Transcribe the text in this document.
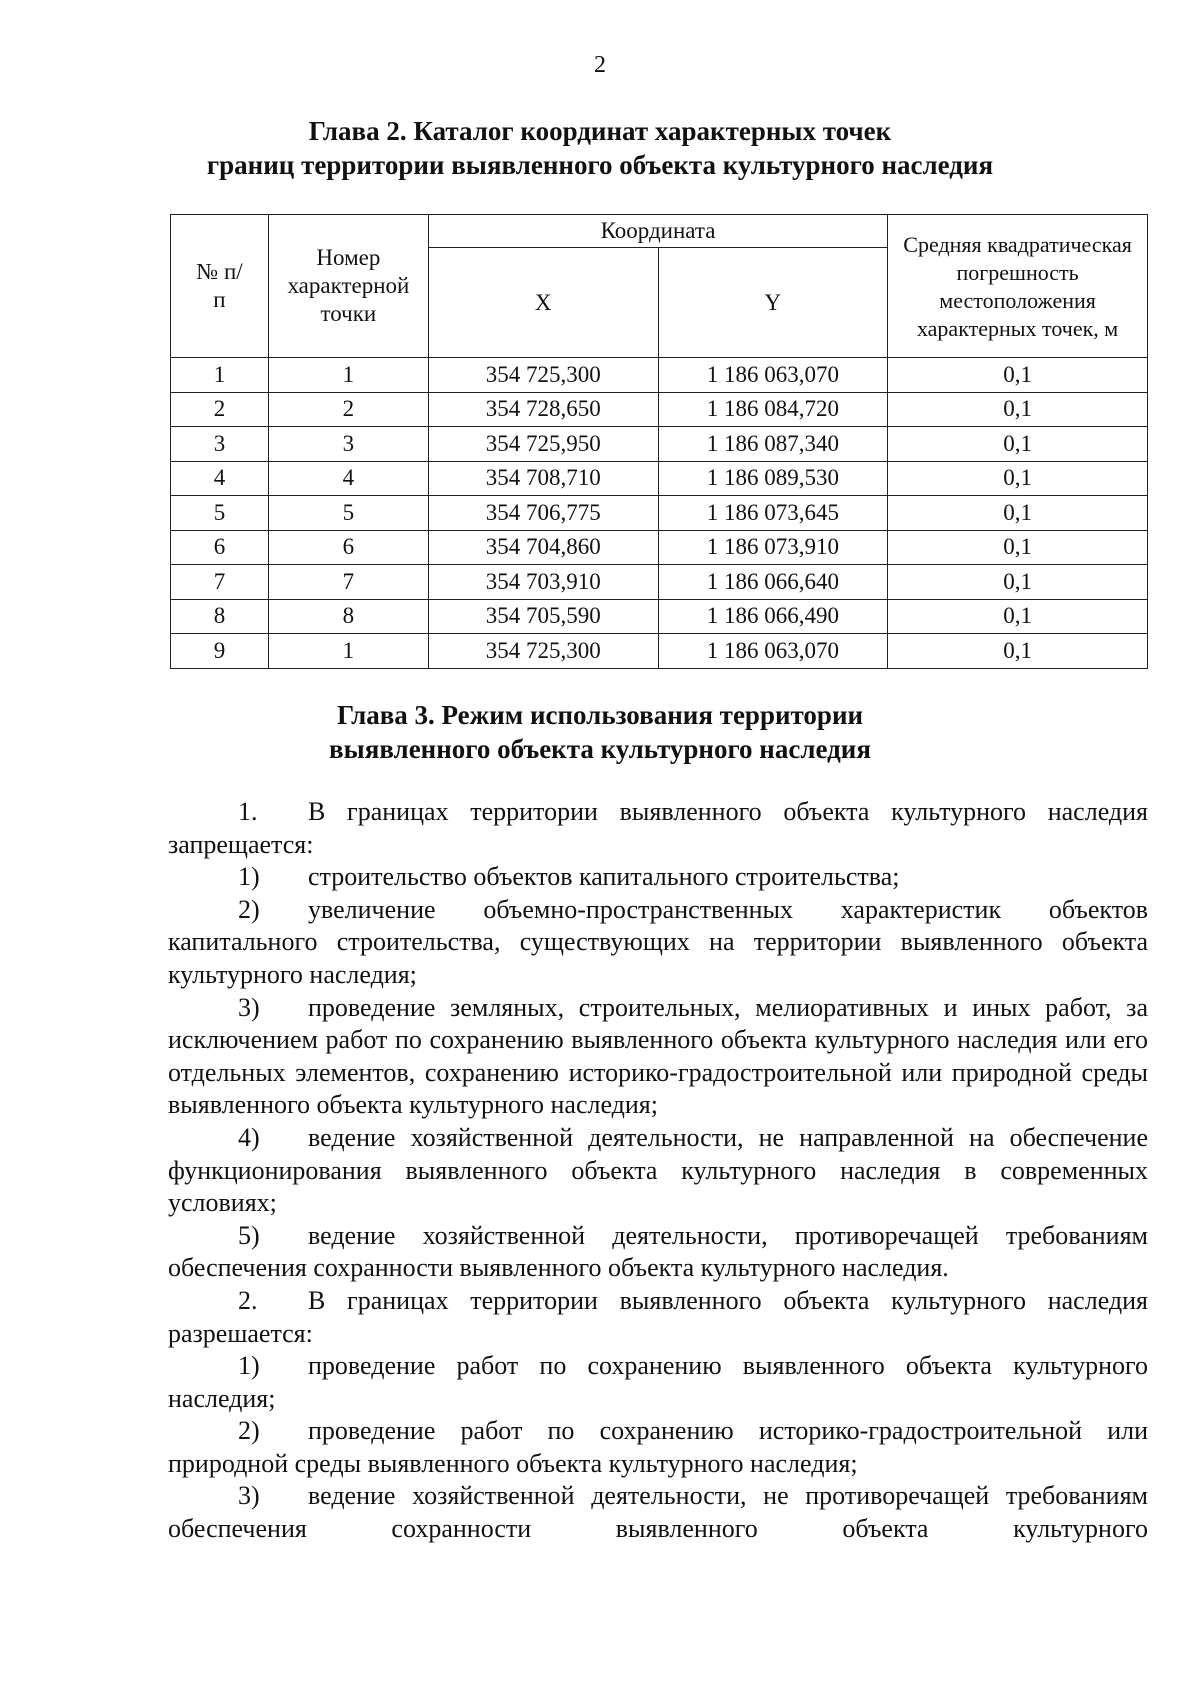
2
Глава 2. Каталог координат характерных точек
границ территории выявленного объекта культурного наследия
№ п/п	Номер характерной точки	Координата		Средняя квадратическая погрешность местоположения характерных точек, м
		X	Y	
1	1	354 725,300	1 186 063,070	0,1
2	2	354 728,650	1 186 084,720	0,1
3	3	354 725,950	1 186 087,340	0,1
4	4	354 708,710	1 186 089,530	0,1
5	5	354 706,775	1 186 073,645	0,1
6	6	354 704,860	1 186 073,910	0,1
7	7	354 703,910	1 186 066,640	0,1
8	8	354 705,590	1 186 066,490	0,1
9	1	354 725,300	1 186 063,070	0,1
Глава 3. Режим использования территории
выявленного объекта культурного наследия

1. В границах территории выявленного объекта культурного наследия запрещается:

1) строительство объектов капитального строительства;

2) увеличение объемно-пространственных характеристик объектов капитального строительства, существующих на территории выявленного объекта культурного наследия;

3) проведение земляных, строительных, мелиоративных и иных работ, за исключением работ по сохранению выявленного объекта культурного наследия или его отдельных элементов, сохранению историко-градостроительной или природной среды выявленного объекта культурного наследия;

4) ведение хозяйственной деятельности, не направленной на обеспечение функционирования выявленного объекта культурного наследия в современных условиях;

5) ведение хозяйственной деятельности, противоречащей требованиям обеспечения сохранности выявленного объекта культурного наследия.

2. В границах территории выявленного объекта культурного наследия разрешается:

1) проведение работ по сохранению выявленного объекта культурного наследия;

2) проведение работ по сохранению историко-градостроительной или природной среды выявленного объекта культурного наследия;

3) ведение хозяйственной деятельности, не противоречащей требованиям обеспечения сохранности выявленного объекта культурного
